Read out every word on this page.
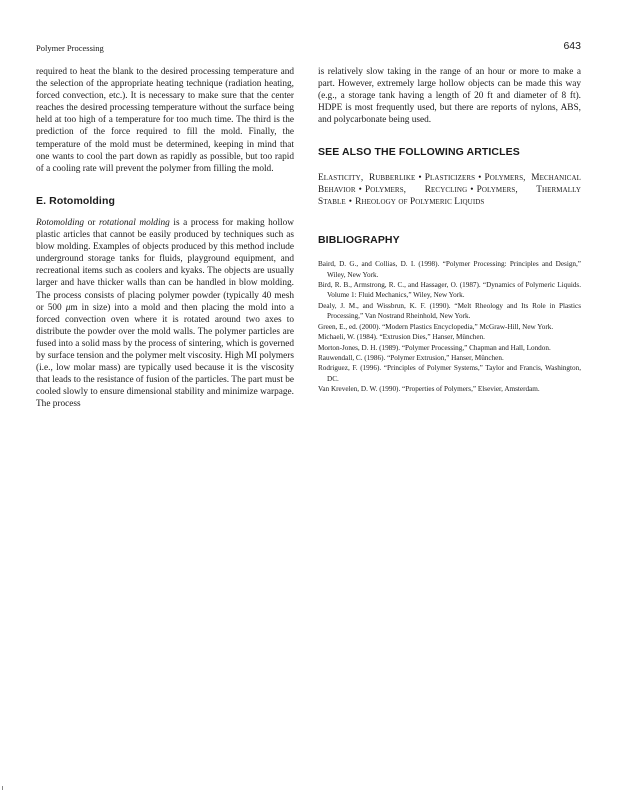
Polymer Processing	643

required to heat the blank to the desired processing temperature and the selection of the appropriate heating technique (radiation heating, forced convection, etc.). It is necessary to make sure that the center reaches the desired processing temperature without the surface being held at too high of a temperature for too much time. The third is the prediction of the force required to fill the mold. Finally, the temperature of the mold must be determined, keeping in mind that one wants to cool the part down as rapidly as possible, but too rapid of a cooling rate will prevent the polymer from filling the mold.

E. Rotomolding

Rotomolding or rotational molding is a process for making hollow plastic articles that cannot be easily produced by techniques such as blow molding. Examples of objects produced by this method include underground storage tanks for fluids, playground equipment, and recreational items such as coolers and kyaks. The objects are usually larger and have thicker walls than can be handled in blow molding. The process consists of placing polymer powder (typically 40 mesh or 500 μm in size) into a mold and then placing the mold into a forced convection oven where it is rotated around two axes to distribute the powder over the mold walls. The polymer particles are fused into a solid mass by the process of sintering, which is governed by surface tension and the polymer melt viscosity. High MI polymers (i.e., low molar mass) are typically used because it is the viscosity that leads to the resistance of fusion of the particles. The part must be cooled slowly to ensure dimensional stability and minimize warpage. The process

is relatively slow taking in the range of an hour or more to make a part. However, extremely large hollow objects can be made this way (e.g., a storage tank having a length of 20 ft and diameter of 8 ft). HDPE is most frequently used, but there are reports of nylons, ABS, and polycarbonate being used.

SEE ALSO THE FOLLOWING ARTICLES
Elasticity, Rubberlike • Plasticizers • Polymers, Mechanical Behavior • Polymers, Recycling • Polymers, Thermally Stable • Rheology of Polymeric Liquids
BIBLIOGRAPHY
Baird, D. G., and Collias, D. I. (1998). “Polymer Processing: Principles and Design,” Wiley, New York.
Bird, R. B., Armstrong, R. C., and Hassager, O. (1987). “Dynamics of Polymeric Liquids. Volume 1: Fluid Mechanics,” Wiley, New York.
Dealy, J. M., and Wissbrun, K. F. (1990). “Melt Rheology and Its Role in Plastics Processing,” Van Nostrand Rheinhold, New York.
Green, E., ed. (2000). “Modern Plastics Encyclopedia,” McGraw-Hill, New York.
Michaeli, W. (1984). “Extrusion Dies,” Hanser, München.
Morton-Jones, D. H. (1989). “Polymer Processing,” Chapman and Hall, London.
Rauwendall, C. (1986). “Polymer Extrusion,” Hanser, München.
Rodriguez, F. (1996). “Principles of Polymer Systems,” Taylor and Francis, Washington, DC.
Van Krevelen, D. W. (1990). “Properties of Polymers,” Elsevier, Amsterdam.
